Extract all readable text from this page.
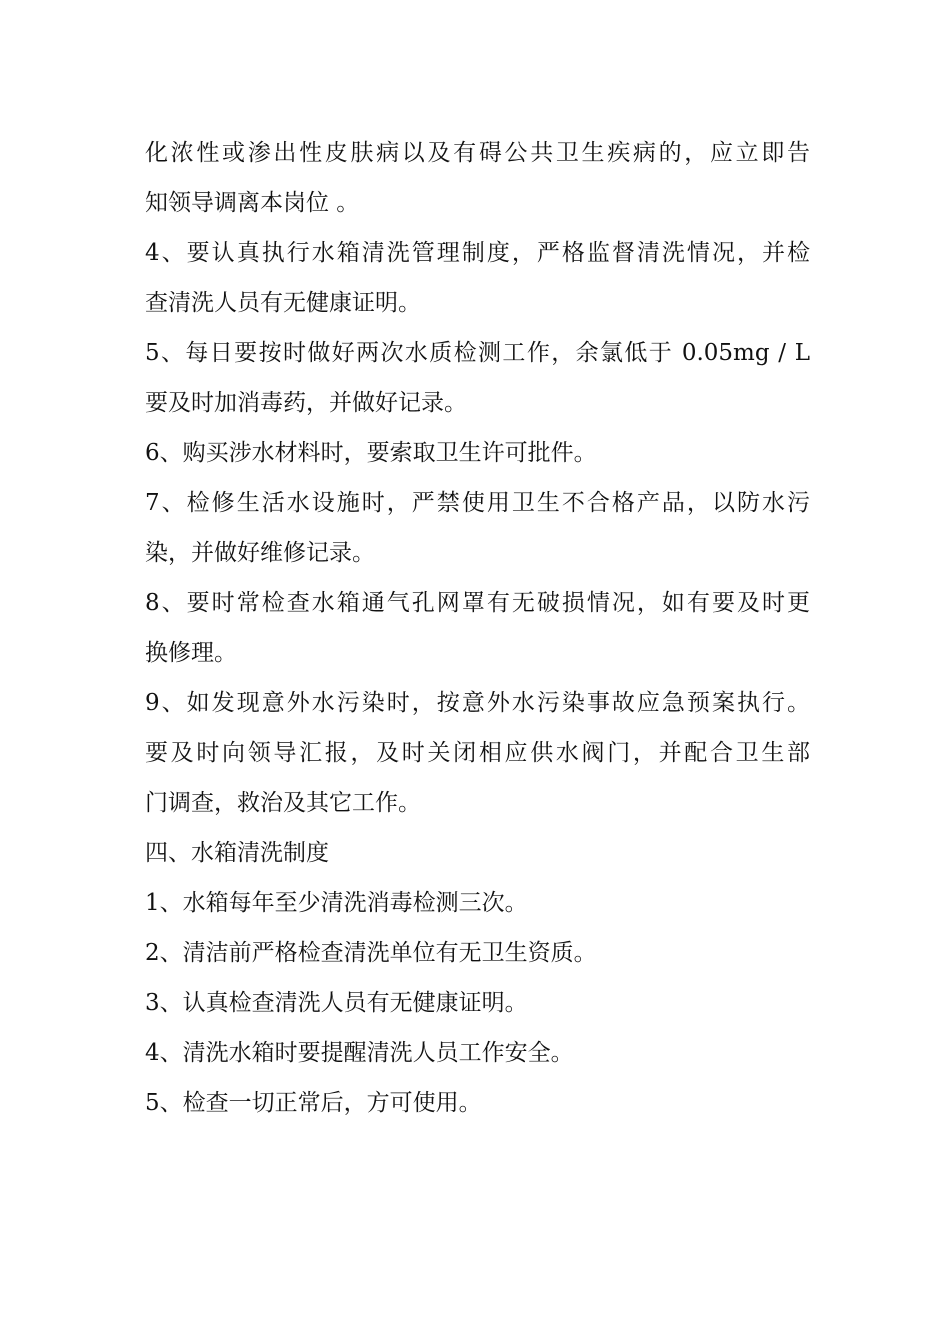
化浓性或渗出性皮肤病以及有碍公共卫生疾病的，应立即告
知领导调离本岗位 。
4、要认真执行水箱清洗管理制度，严格监督清洗情况，并检
查清洗人员有无健康证明。
5、每日要按时做好两次水质检测工作，余氯低于 0.05mg / L
要及时加消毒药，并做好记录。
6、购买涉水材料时，要索取卫生许可批件。
7、检修生活水设施时，严禁使用卫生不合格产品，以防水污
染，并做好维修记录。
8、要时常检查水箱通气孔网罩有无破损情况，如有要及时更
换修理。
9、如发现意外水污染时，按意外水污染事故应急预案执行。
要及时向领导汇报，及时关闭相应供水阀门，并配合卫生部
门调查，救治及其它工作。
四、水箱清洗制度
1、水箱每年至少清洗消毒检测三次。
2、清洁前严格检查清洗单位有无卫生资质。
3、认真检查清洗人员有无健康证明。
4、清洗水箱时要提醒清洗人员工作安全。
5、检查一切正常后，方可使用。
